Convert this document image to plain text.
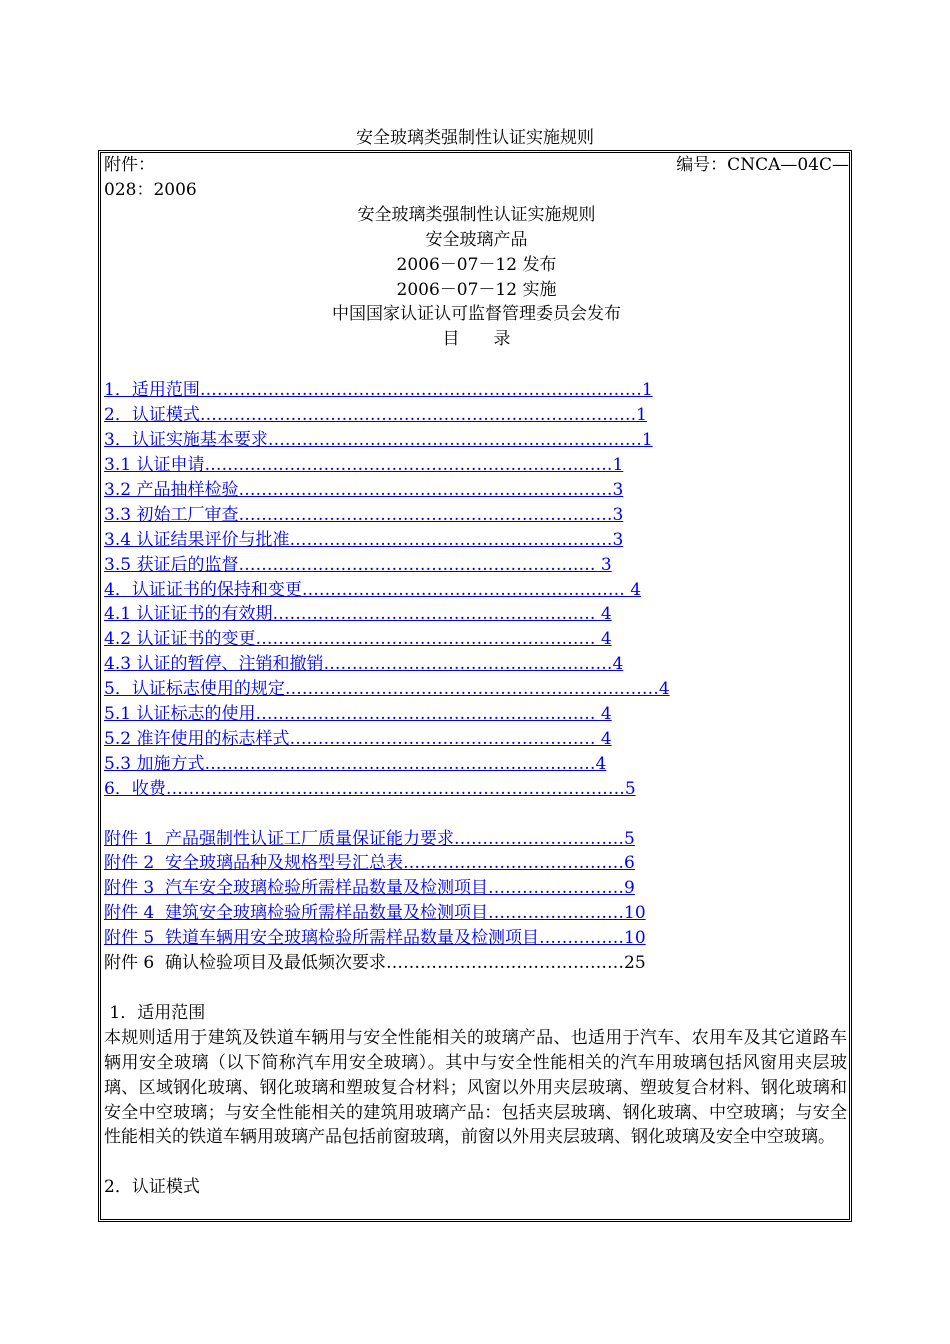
安全玻璃类强制性认证实施规则
附件：	编号：CNCA—04C—
028：2006
安全玻璃类强制性认证实施规则
安全玻璃产品
2006－07－12 发布
2006－07－12 实施
中国国家认证认可监督管理委员会发布
目　　录
1．适用范围……………………………………………………………………1
2．认证模式…………………………………………………………………‥1
3．认证实施基本要求…………………………………………………………1
3.1 认证申请………………………………………………………………1
3.2 产品抽样检验…………………………………………………………3
3.3 初始工厂审查…………………………………………………………3
3.4 认证结果评价与批准…………………………………………………3
3.5 获证后的监督……………………………………………………… 3
4．认证证书的保持和变更………………………………………………… 4
4.1 认证证书的有效期………………………………………………… 4
4.2 认证证书的变更…………………………………………………… 4
4.3 认证的暂停、注销和撤销……………………………………………4
5．认证标志使用的规定…………………………………………………………4
5.1 认证标志的使用…………………………………………………… 4
5.2 准许使用的标志样式……………………………………………… 4
5.3 加施方式……………………………………………………………4
6．收费………………………………………………………………………5
附件 1  产品强制性认证工厂质量保证能力要求…………………………5
附件 2  安全玻璃品种及规格型号汇总表…………………………………6
附件 3  汽车安全玻璃检验所需样品数量及检测项目……………………9
附件 4  建筑安全玻璃检验所需样品数量及检测项目……………………10
附件 5  铁道车辆用安全玻璃检验所需样品数量及检测项目……………10
附件 6  确认检验项目及最低频次要求……………………………………25
1．适用范围
本规则适用于建筑及铁道车辆用与安全性能相关的玻璃产品、也适用于汽车、农用车及其它道路车辆用安全玻璃（以下简称汽车用安全玻璃）。其中与安全性能相关的汽车用玻璃包括风窗用夹层玻璃、区域钢化玻璃、钢化玻璃和塑玻复合材料；风窗以外用夹层玻璃、塑玻复合材料、钢化玻璃和安全中空玻璃；与安全性能相关的建筑用玻璃产品：包括夹层玻璃、钢化玻璃、中空玻璃；与安全性能相关的铁道车辆用玻璃产品包括前窗玻璃，前窗以外用夹层玻璃、钢化玻璃及安全中空玻璃。
2．认证模式
